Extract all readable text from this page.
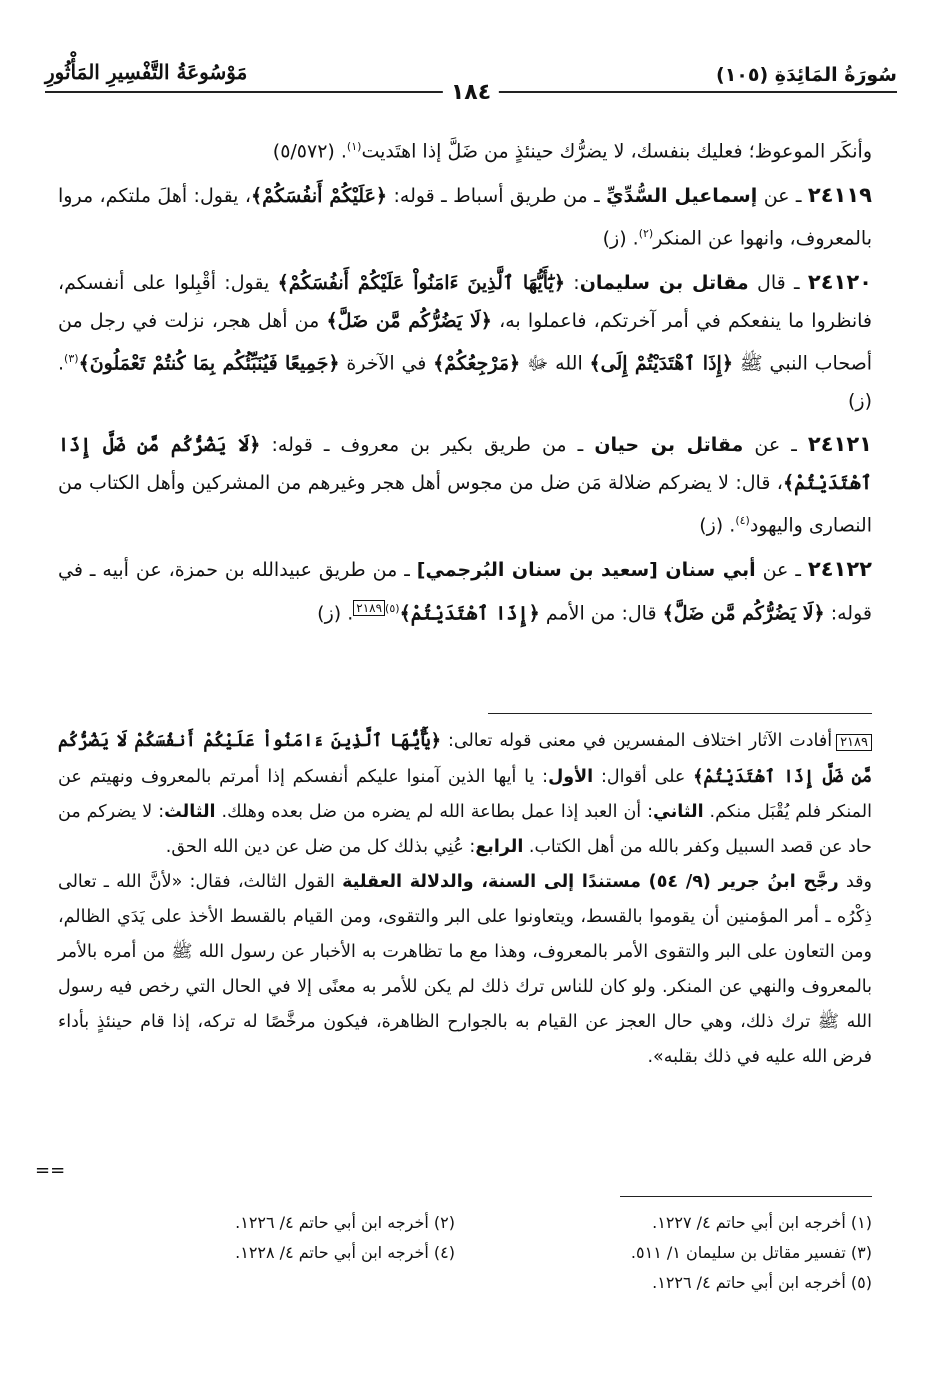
سُورَةُ المَائِدَةِ (١٠٥)
١٨٤
مَوْسُوعَةُ التَّفْسِيرِ المَأْثُورِ

وأنكَر الموعوظ؛ فعليك بنفسك، لا يضرُّك حينئذٍ من ضَلَّ إذا اهتَديت$^{(١)}$. (٥/٥٧٢)

٢٤١١٩ ـ عن إسماعيل السُّدِّيِّ ـ من طريق أسباط ـ قوله: ﴿عَلَيْكُمْ أَنفُسَكُمْ﴾، يقول: أهلَ ملتكم، مروا بالمعروف، وانهوا عن المنكر$^{(٢)}$. (ز)

٢٤١٢٠ ـ قال مقاتل بن سليمان: ﴿يَٰٓأَيُّهَا ٱلَّذِينَ ءَامَنُواْ عَلَيْكُمْ أَنفُسَكُمْ﴾ يقول: أقْبِلوا على أنفسكم، فانظروا ما ينفعكم في أمر آخرتكم، فاعملوا به، ﴿لَا يَضُرُّكُم مَّن ضَلَّ﴾ من أهل هجر، نزلت في رجل من أصحاب النبي ﷺ ﴿إِذَا ٱهْتَدَيْتُمْ إِلَى﴾ الله ﷻ ﴿مَرْجِعُكُمْ﴾ في الآخرة ﴿جَمِيعًا فَيُنَبِّئُكُم بِمَا كُنتُمْ تَعْمَلُونَ﴾$^{(٣)}$. (ز)

٢٤١٢١ ـ عن مقاتل بن حيان ـ من طريق بكير بن معروف ـ قوله: ﴿لَا يَضُرُّكُم مَّن ضَلَّ إِذَا ٱهْتَدَيْتُمْ﴾، قال: لا يضركم ضلالة مَن ضل من مجوس أهل هجر وغيرهم من المشركين وأهل الكتاب من النصارى واليهود$^{(٤)}$. (ز)

٢٤١٢٢ ـ عن أبي سنان [سعيد بن سنان البُرجمي] ـ من طريق عبيدالله بن حمزة، عن أبيه ـ في قوله: ﴿لَا يَضُرُّكُم مَّن ضَلَّ﴾ قال: من الأمم ﴿إِذَا ٱهْتَدَيْتُمْ﴾$^{(٥)٢١٨٩}$. (ز)

٢١٨٩أفادت الآثار اختلاف المفسرين في معنى قوله تعالى: ﴿يَٰٓأَيُّهَا ٱلَّذِينَ ءَامَنُواْ عَلَيْكُمْ أَنفُسَكُمْ لَا يَضُرُّكُم مَّن ضَلَّ إِذَا ٱهْتَدَيْتُمْ﴾ على أقوال: الأول: يا أيها الذين آمنوا عليكم أنفسكم إذا أمرتم بالمعروف ونهيتم عن المنكر فلم يُقْبَل منكم. الثاني: أن العبد إذا عمل بطاعة الله لم يضره من ضل بعده وهلك. الثالث: لا يضركم من حاد عن قصد السبيل وكفر بالله من أهل الكتاب. الرابع: عُنِي بذلك كل من ضل عن دين الله الحق.

وقد رجَّح ابنُ جرير (٩/ ٥٤) مستندًا إلى السنة، والدلالة العقلية القول الثالث، فقال: «لأنَّ الله ـ تعالى ذِكْرُه ـ أمر المؤمنين أن يقوموا بالقسط، ويتعاونوا على البر والتقوى، ومن القيام بالقسط الأخذ على يَدَي الظالم، ومن التعاون على البر والتقوى الأمر بالمعروف، وهذا مع ما تظاهرت به الأخبار عن رسول الله ﷺ من أمره بالأمر بالمعروف والنهي عن المنكر. ولو كان للناس ترك ذلك لم يكن للأمر به معنًى إلا في الحال التي رخص فيه رسول الله ﷺ ترك ذلك، وهي حال العجز عن القيام به بالجوارح الظاهرة، فيكون مرخَّصًا له تركه، إذا قام حينئذٍ بأداء فرض الله عليه في ذلك بقلبه».

==
(١) أخرجه ابن أبي حاتم ٤/ ١٢٢٧.
(٢) أخرجه ابن أبي حاتم ٤/ ١٢٢٦.
(٣) تفسير مقاتل بن سليمان ١/ ٥١١.
(٤) أخرجه ابن أبي حاتم ٤/ ١٢٢٨.
(٥) أخرجه ابن أبي حاتم ٤/ ١٢٢٦.
